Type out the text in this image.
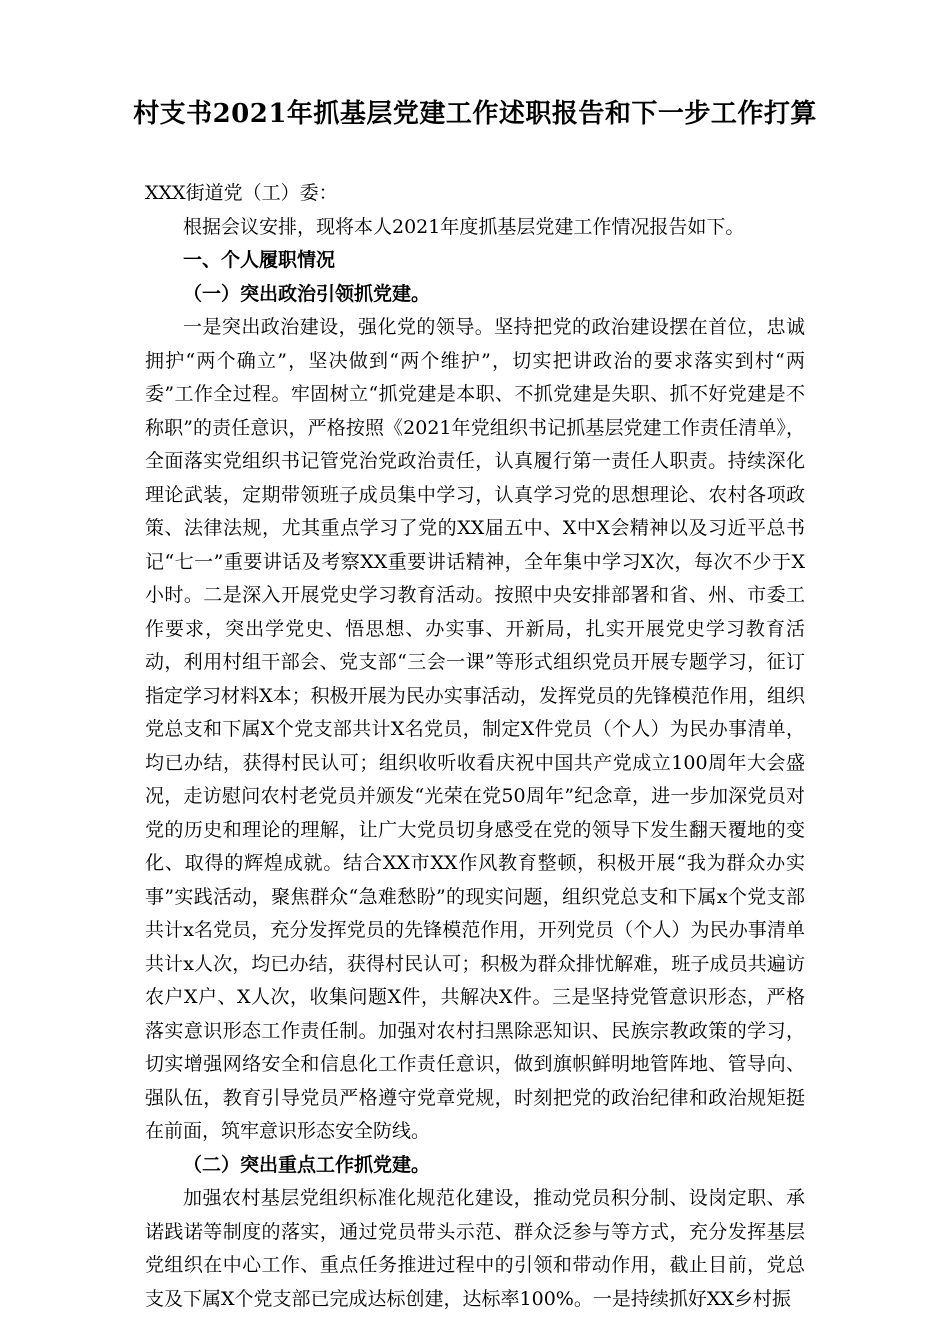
村支书2021年抓基层党建工作述职报告和下一步工作打算

XXX街道党（工）委：

根据会议安排，现将本人2021年度抓基层党建工作情况报告如下。

一、个人履职情况

（一）突出政治引领抓党建。

一是突出政治建设，强化党的领导。坚持把党的政治建设摆在首位，忠诚拥护“两个确立”，坚决做到“两个维护”，切实把讲政治的要求落实到村“两委”工作全过程。牢固树立“抓党建是本职、不抓党建是失职、抓不好党建是不称职”的责任意识，严格按照《2021年党组织书记抓基层党建工作责任清单》，全面落实党组织书记管党治党政治责任，认真履行第一责任人职责。持续深化理论武装，定期带领班子成员集中学习，认真学习党的思想理论、农村各项政策、法律法规，尤其重点学习了党的XX届五中、X中X会精神以及习近平总书记“七一”重要讲话及考察XX重要讲话精神，全年集中学习X次，每次不少于X小时。二是深入开展党史学习教育活动。按照中央安排部署和省、州、市委工作要求，突出学党史、悟思想、办实事、开新局，扎实开展党史学习教育活动，利用村组干部会、党支部“三会一课”等形式组织党员开展专题学习，征订指定学习材料X本；积极开展为民办实事活动，发挥党员的先锋模范作用，组织党总支和下属X个党支部共计X名党员，制定X件党员（个人）为民办事清单，均已办结，获得村民认可；组织收听收看庆祝中国共产党成立100周年大会盛况，走访慰问农村老党员并颁发“光荣在党50周年”纪念章，进一步加深党员对党的历史和理论的理解，让广大党员切身感受在党的领导下发生翻天覆地的变化、取得的辉煌成就。结合XX市XX作风教育整顿，积极开展“我为群众办实事”实践活动，聚焦群众“急难愁盼”的现实问题，组织党总支和下属x个党支部共计x名党员，充分发挥党员的先锋模范作用，开列党员（个人）为民办事清单共计x人次，均已办结，获得村民认可；积极为群众排忧解难，班子成员共遍访农户X户、X人次，收集问题X件，共解决X件。三是坚持党管意识形态，严格落实意识形态工作责任制。加强对农村扫黑除恶知识、民族宗教政策的学习，切实增强网络安全和信息化工作责任意识，做到旗帜鲜明地管阵地、管导向、强队伍，教育引导党员严格遵守党章党规，时刻把党的政治纪律和政治规矩挺在前面，筑牢意识形态安全防线。

（二）突出重点工作抓党建。

加强农村基层党组织标准化规范化建设，推动党员积分制、设岗定职、承诺践诺等制度的落实，通过党员带头示范、群众泛参与等方式，充分发挥基层党组织在中心工作、重点任务推进过程中的引领和带动作用，截止目前，党总支及下属X个党支部已完成达标创建，达标率100%。一是持续抓好XX乡村振
